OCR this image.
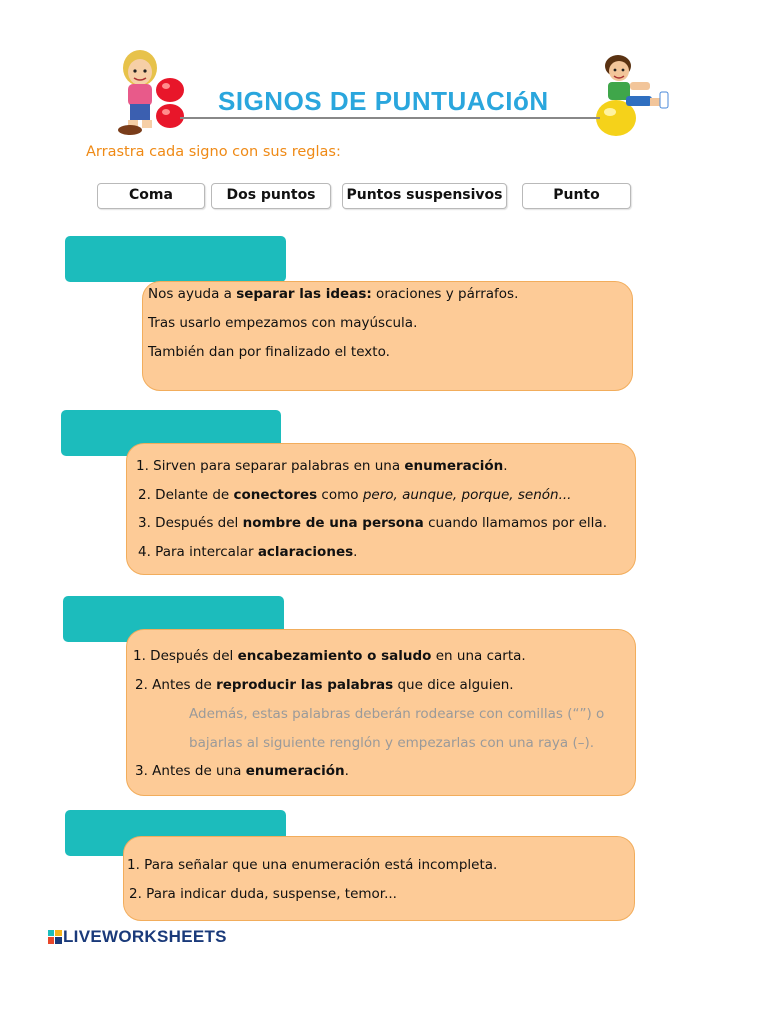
SIGNOS DE PUNTUACIóN
Arrastra cada signo con sus reglas:
Coma	Dos puntos	Puntos suspensivos	Punto
Nos ayuda a separar las ideas: oraciones y párrafos.
Tras usarlo empezamos con mayúscula.
También dan por finalizado el texto.
1. Sirven para separar palabras en una enumeración.
2. Delante de conectores como pero, aunque, porque, senón...
3. Después del nombre de una persona cuando llamamos por ella.
4. Para intercalar aclaraciones.
1. Después del encabezamiento o saludo en una carta.
2. Antes de reproducir las palabras que dice alguien.
Además, estas palabras deberán rodearse con comillas (“”) o
bajarlas al siguiente renglón y empezarlas con una raya (–).
3. Antes de una enumeración.
1. Para señalar que una enumeración está incompleta.
2. Para indicar duda, suspense, temor...
LIVEWORKSHEETS
